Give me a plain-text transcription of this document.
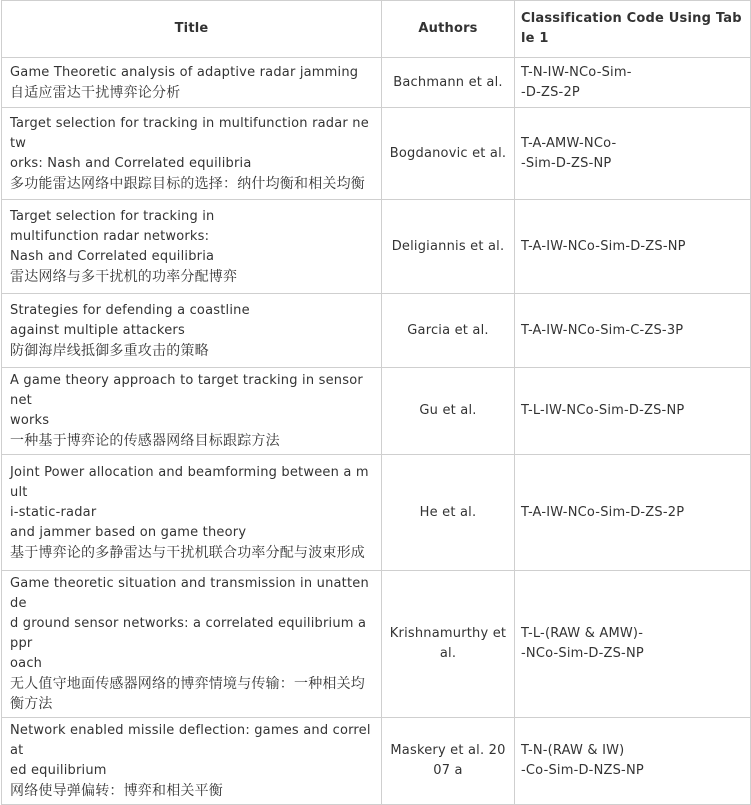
Title	Authors	Classification Code Using Tab
le 1

Game Theoretic analysis of adaptive radar jamming
自适应雷达干扰博弈论分析	Bachmann et al.	T-N-IW-NCo-Sim-
-D-ZS-2P

Target selection for tracking in multifunction radar netw
orks: Nash and Correlated equilibria
多功能雷达网络中跟踪目标的选择：纳什均衡和相关均衡	Bogdanovic et al.	T-A-AMW-NCo-
-Sim-D-ZS-NP

Target selection for tracking in
multifunction radar networks:
Nash and Correlated equilibria
雷达网络与多干扰机的功率分配博弈	Deligiannis et al.	T-A-IW-NCo-Sim-D-ZS-NP

Strategies for defending a coastline
against multiple attackers
防御海岸线抵御多重攻击的策略	Garcia et al.	T-A-IW-NCo-Sim-C-ZS-3P

A game theory approach to target tracking in sensor net
works
一种基于博弈论的传感器网络目标跟踪方法	Gu et al.	T-L-IW-NCo-Sim-D-ZS-NP

Joint Power allocation and beamforming between a mult
i-static-radar
and jammer based on game theory
基于博弈论的多静雷达与干扰机联合功率分配与波束形成	He et al.	T-A-IW-NCo-Sim-D-ZS-2P

Game theoretic situation and transmission in unattende
d ground sensor networks: a correlated equilibrium appr
oach
无人值守地面传感器网络的博弈情境与传输：一种相关均衡方法	Krishnamurthy et al.	T-L-(RAW & AMW)-
-NCo-Sim-D-ZS-NP

Network enabled missile deflection: games and correlat
ed equilibrium
网络使导弹偏转：博弈和相关平衡	Maskery et al. 2007 a	T-N-(RAW & IW)
-Co-Sim-D-NZS-NP
